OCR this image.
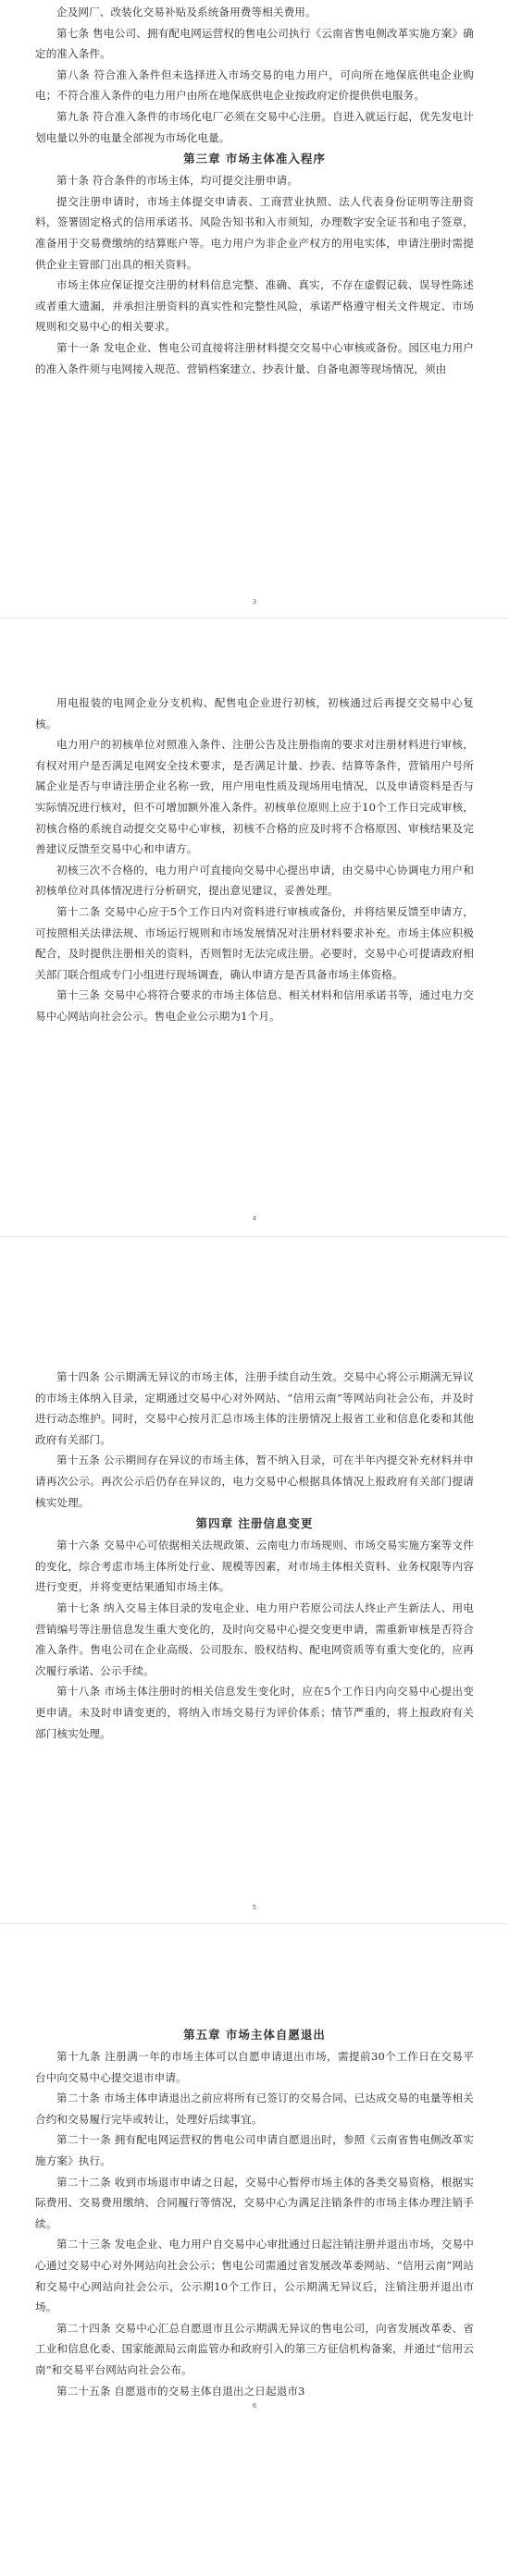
企及网厂、改装化交易补贴及系统备用费等相关费用。

第七条 售电公司、拥有配电网运营权的售电公司执行《云南省售电侧改革实施方案》确定的准入条件。

第八条 符合准入条件但未选择进入市场交易的电力用户，可向所在地保底供电企业购电；不符合准入条件的电力用户由所在地保底供电企业按政府定价提供供电服务。

第九条 符合准入条件的市场化电厂必须在交易中心注册。自进入就运行起，优先发电计划电量以外的电量全部视为市场化电量。

第三章 市场主体准入程序

第十条 符合条件的市场主体，均可提交注册申请。

提交注册申请时，市场主体提交申请表、工商营业执照、法人代表身份证明等注册资料，签署固定格式的信用承诺书、风险告知书和入市须知，办理数字安全证书和电子签章，准备用于交易费缴纳的结算账户等。电力用户为非企业产权方的用电实体，申请注册时需提供企业主管部门出具的相关资料。

市场主体应保证提交注册的材料信息完整、准确、真实，不存在虚假记载、误导性陈述或者重大遗漏，并承担注册资料的真实性和完整性风险，承诺严格遵守相关文件规定、市场规则和交易中心的相关要求。

第十一条 发电企业、售电公司直接将注册材料提交交易中心审核或备份。园区电力用户的准入条件须与电网接入规范、营销档案建立、抄表计量、自备电源等现场情况，须由

3

用电报装的电网企业分支机构、配售电企业进行初核，初核通过后再提交交易中心复核。

电力用户的初核单位对照准入条件、注册公告及注册指南的要求对注册材料进行审核，有权对用户是否满足电网安全技术要求，是否满足计量、抄表、结算等条件，营销用户号所属企业是否与申请注册企业名称一致，用户用电性质及现场用电情况，以及申请资料是否与实际情况进行核对，但不可增加额外准入条件。初核单位原则上应于10个工作日完成审核，初核合格的系统自动提交交易中心审核，初核不合格的应及时将不合格原因、审核结果及完善建议反馈至交易中心和申请方。

初核三次不合格的，电力用户可直接向交易中心提出申请，由交易中心协调电力用户和初核单位对具体情况进行分析研究，提出意见建议，妥善处理。

第十二条 交易中心应于5个工作日内对资料进行审核或备份，并将结果反馈至申请方，可按照相关法律法规、市场运行规则和市场发展情况对注册材料要求补充。市场主体应积极配合，及时提供注册相关的资料，否则暂时无法完成注册。必要时，交易中心可提请政府相关部门联合组成专门小组进行现场调查，确认申请方是否具备市场主体资格。

第十三条 交易中心将符合要求的市场主体信息、相关材料和信用承诺书等，通过电力交易中心网站向社会公示。售电企业公示期为1个月。

4

第十四条 公示期满无异议的市场主体，注册手续自动生效。交易中心将公示期满无异议的市场主体纳入目录，定期通过交易中心对外网站、“信用云南”等网站向社会公布，并及时进行动态维护。同时，交易中心按月汇总市场主体的注册情况上报省工业和信息化委和其他政府有关部门。

第十五条 公示期间存在异议的市场主体，暂不纳入目录，可在半年内提交补充材料并申请再次公示。再次公示后仍存在异议的，电力交易中心根据具体情况上报政府有关部门提请核实处理。

第四章 注册信息变更

第十六条 交易中心可依据相关法规政策、云南电力市场规则、市场交易实施方案等文件的变化，综合考虑市场主体所处行业、规模等因素，对市场主体相关资料、业务权限等内容进行变更，并将变更结果通知市场主体。

第十七条 纳入交易主体目录的发电企业、电力用户若原公司法人终止产生新法人、用电营销编号等注册信息发生重大变化的，及时向交易中心提交变更申请，需重新审核是否符合准入条件。售电公司在企业高级、公司股东、股权结构、配电网资质等有重大变化的，应再次履行承诺、公示手续。

第十八条 市场主体注册时的相关信息发生变化时，应在5个工作日内向交易中心提出变更申请。未及时申请变更的，将纳入市场交易行为评价体系；情节严重的，将上报政府有关部门核实处理。

5
第五章 市场主体自愿退出

第十九条 注册满一年的市场主体可以自愿申请退出市场，需提前30个工作日在交易平台中向交易中心提交退市申请。

第二十条 市场主体申请退出之前应将所有已签订的交易合同、已达成交易的电量等相关合约和交易履行完毕或转让，处理好后续事宜。

第二十一条 拥有配电网运营权的售电公司申请自愿退出时，参照《云南省售电侧改革实施方案》执行。

第二十二条 收到市场退市申请之日起，交易中心暂停市场主体的各类交易资格，根据实际费用、交易费用缴纳、合同履行等情况，交易中心为满足注销条件的市场主体办理注销手续。

第二十三条 发电企业、电力用户自交易中心审批通过日起注销注册并退出市场，交易中心通过交易中心对外网站向社会公示；售电公司需通过省发展改革委网站、“信用云南”网站和交易中心网站向社会公示，公示期10个工作日，公示期满无异议后，注销注册并退出市场。

第二十四条 交易中心汇总自愿退市且公示期满无异议的售电公司，向省发展改革委、省工业和信息化委、国家能源局云南监管办和政府引入的第三方征信机构备案，并通过“信用云南”和交易平台网站向社会公布。

第二十五条 自愿退市的交易主体自退出之日起退市3

6
